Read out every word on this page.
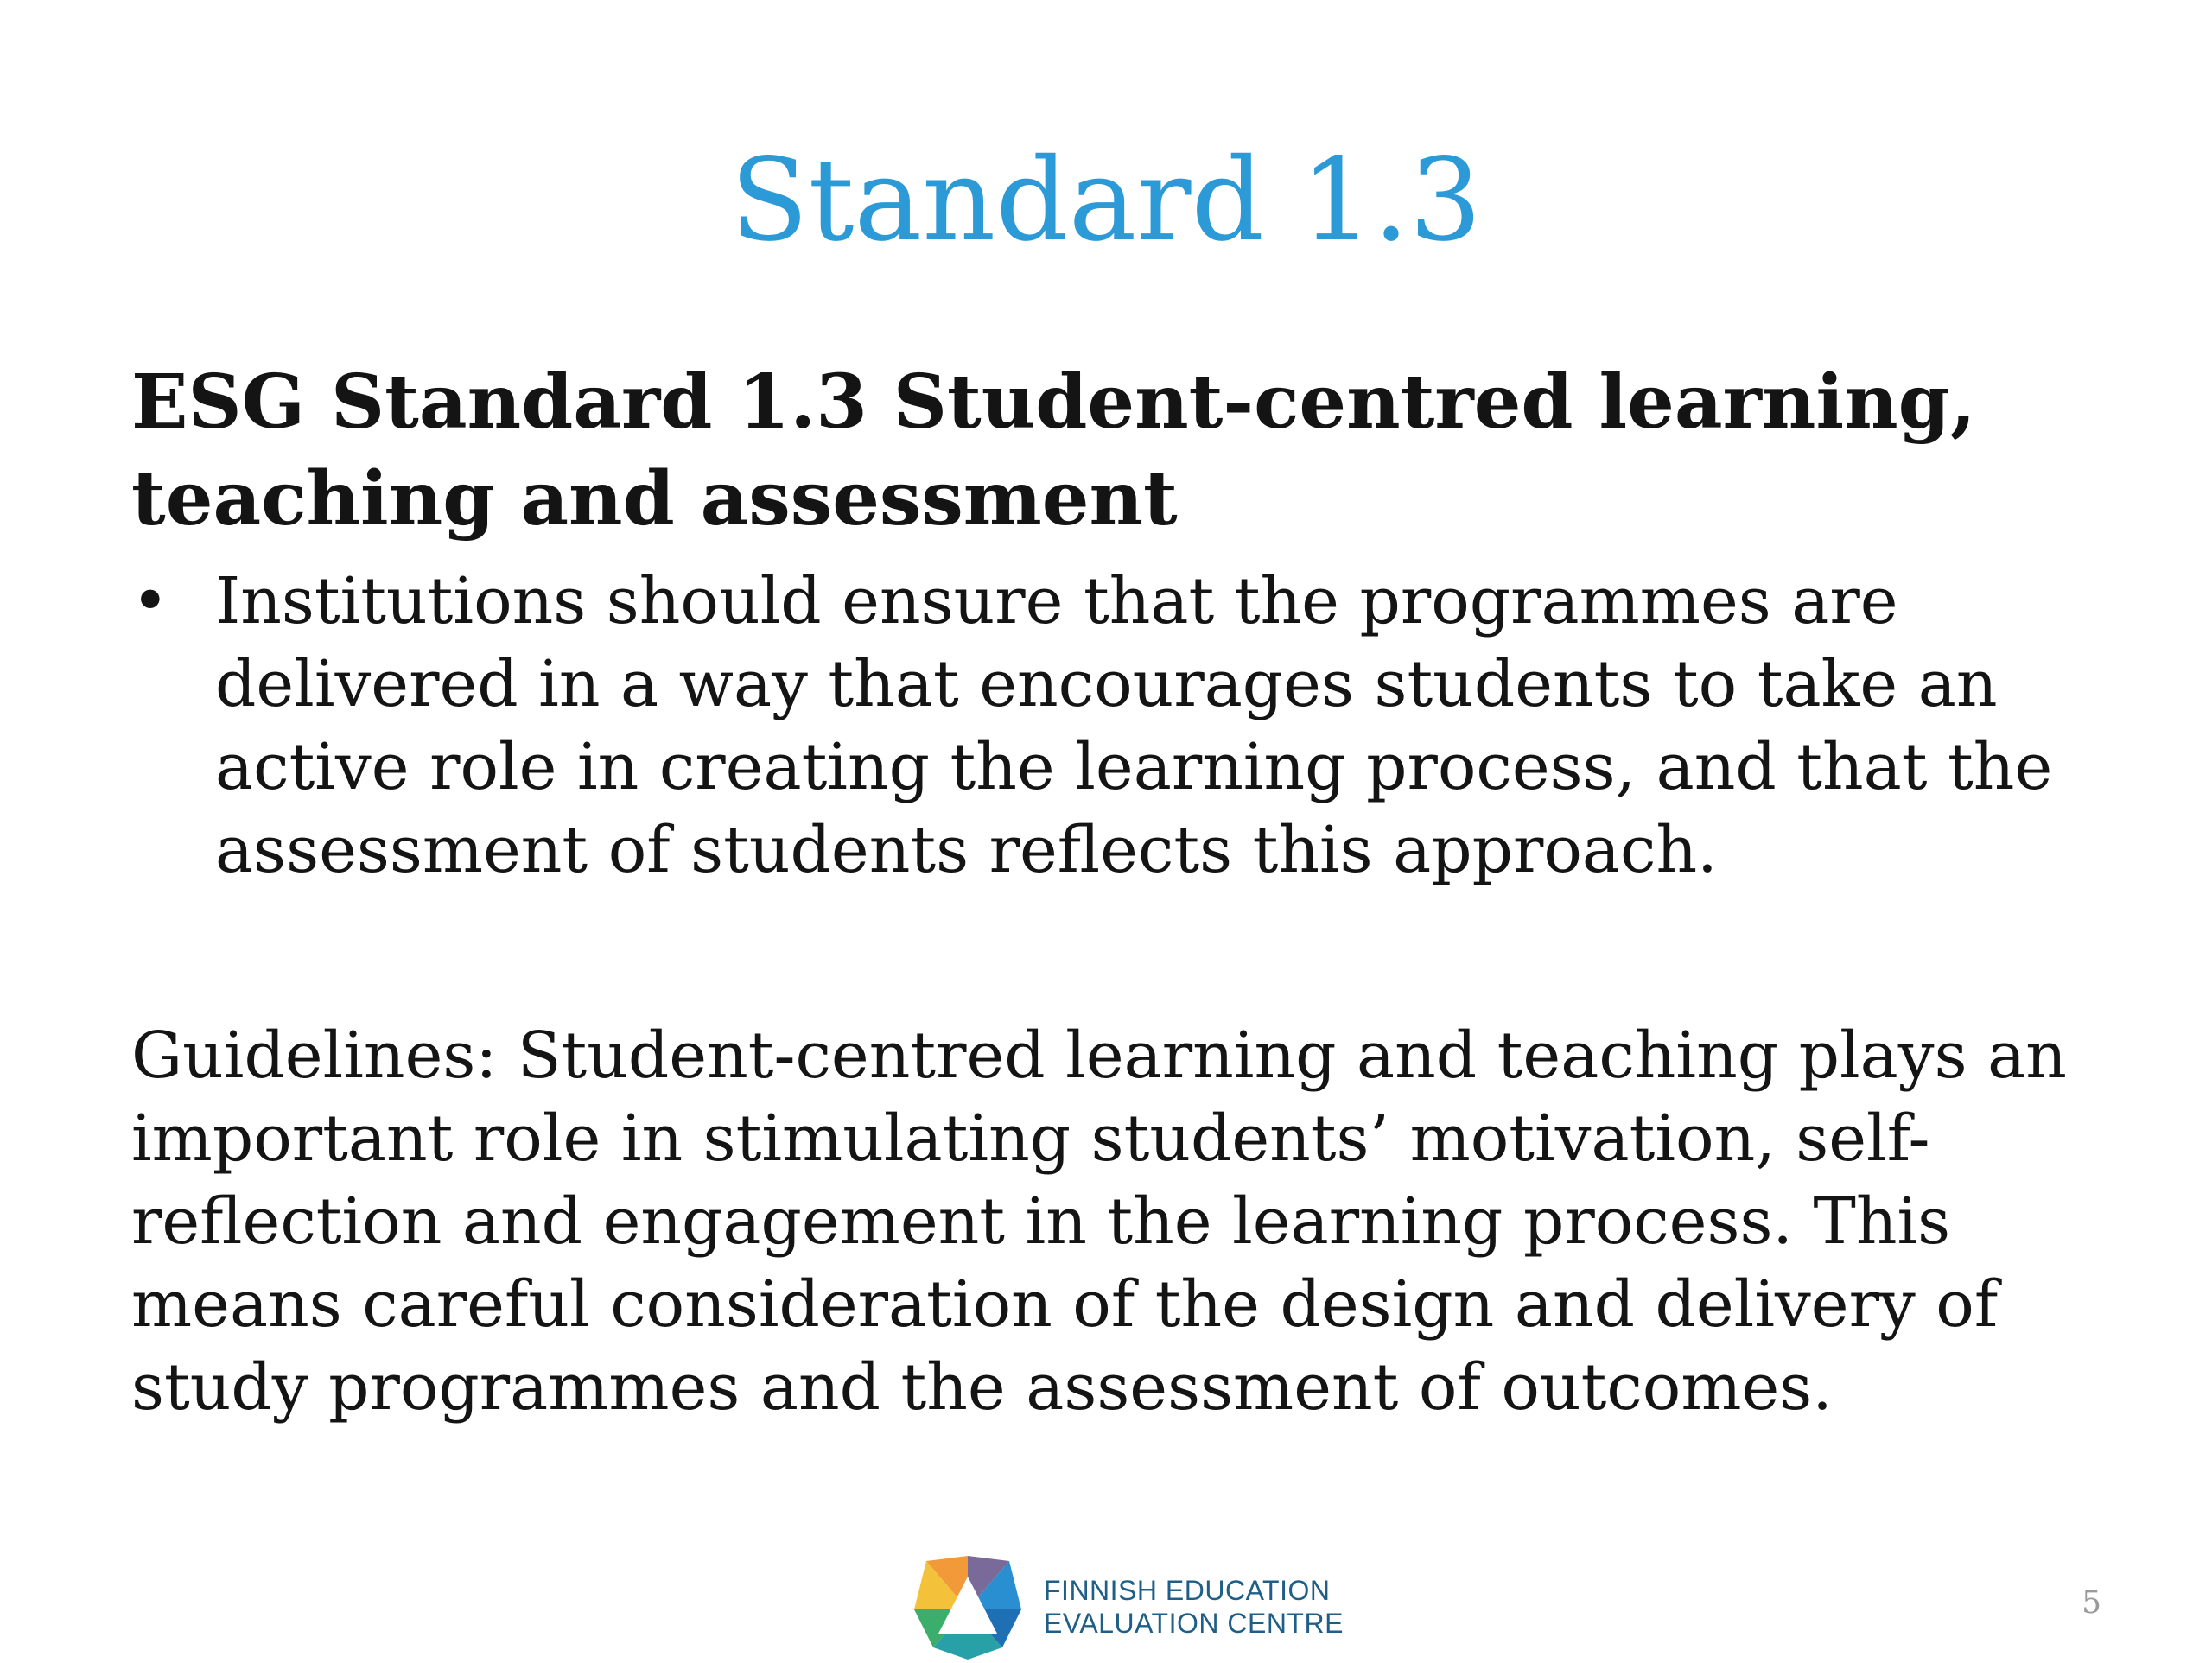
Standard 1.3

ESG Standard 1.3 Student-centred learning, teaching and assessment

• Institutions should ensure that the programmes are delivered in a way that encourages students to take an active role in creating the learning process, and that the assessment of students reflects this approach.

Guidelines: Student-centred learning and teaching plays an important role in stimulating students’ motivation, self-reflection and engagement in the learning process. This means careful consideration of the design and delivery of study programmes and the assessment of outcomes.

FINNISH EDUCATION
EVALUATION CENTRE
5
